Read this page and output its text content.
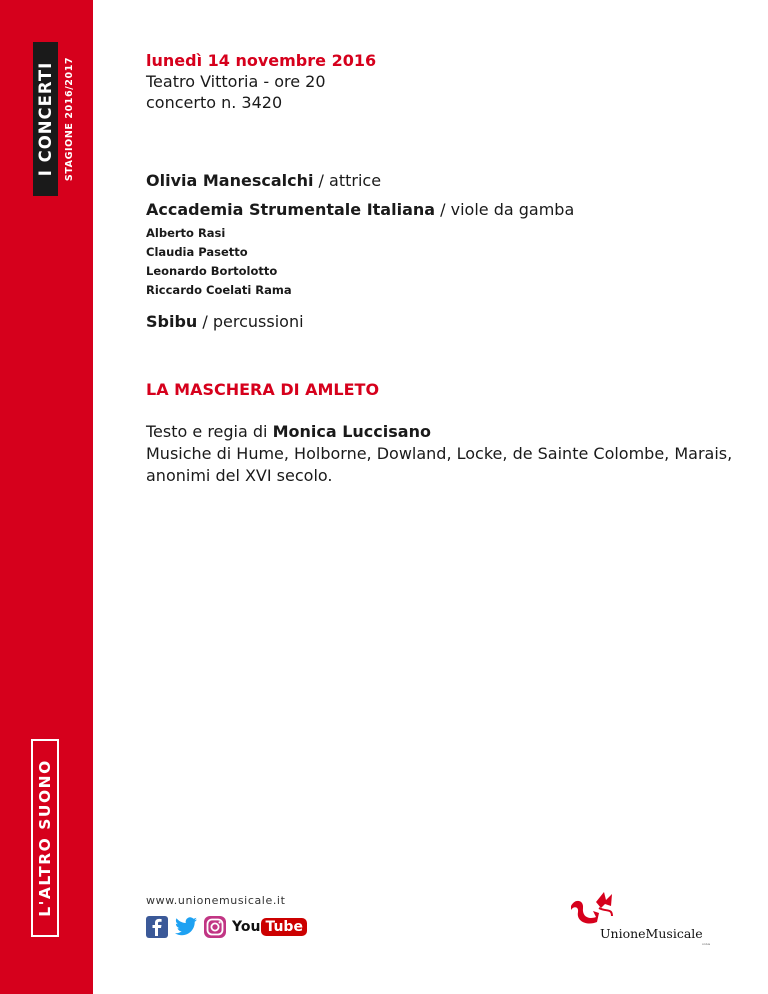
I CONCERTI STAGIONE 2016/2017
L'ALTRO SUONO

lunedì 14 novembre 2016

Teatro Vittoria - ore 20

concerto n. 3420

Olivia Manescalchi / attrice

Accademia Strumentale Italiana / viole da gamba

Alberto Rasi
Claudia Pasetto
Leonardo Bortolotto
Riccardo Coelati Rama

Sbibu / percussioni

LA MASCHERA DI AMLETO

Testo e regia di Monica Luccisano

Musiche di Hume, Holborne, Dowland, Locke, de Sainte Colombe, Marais, anonimi del XVI secolo.

www.unionemusicale.it
You Tube	UnioneMusicale
onlus
